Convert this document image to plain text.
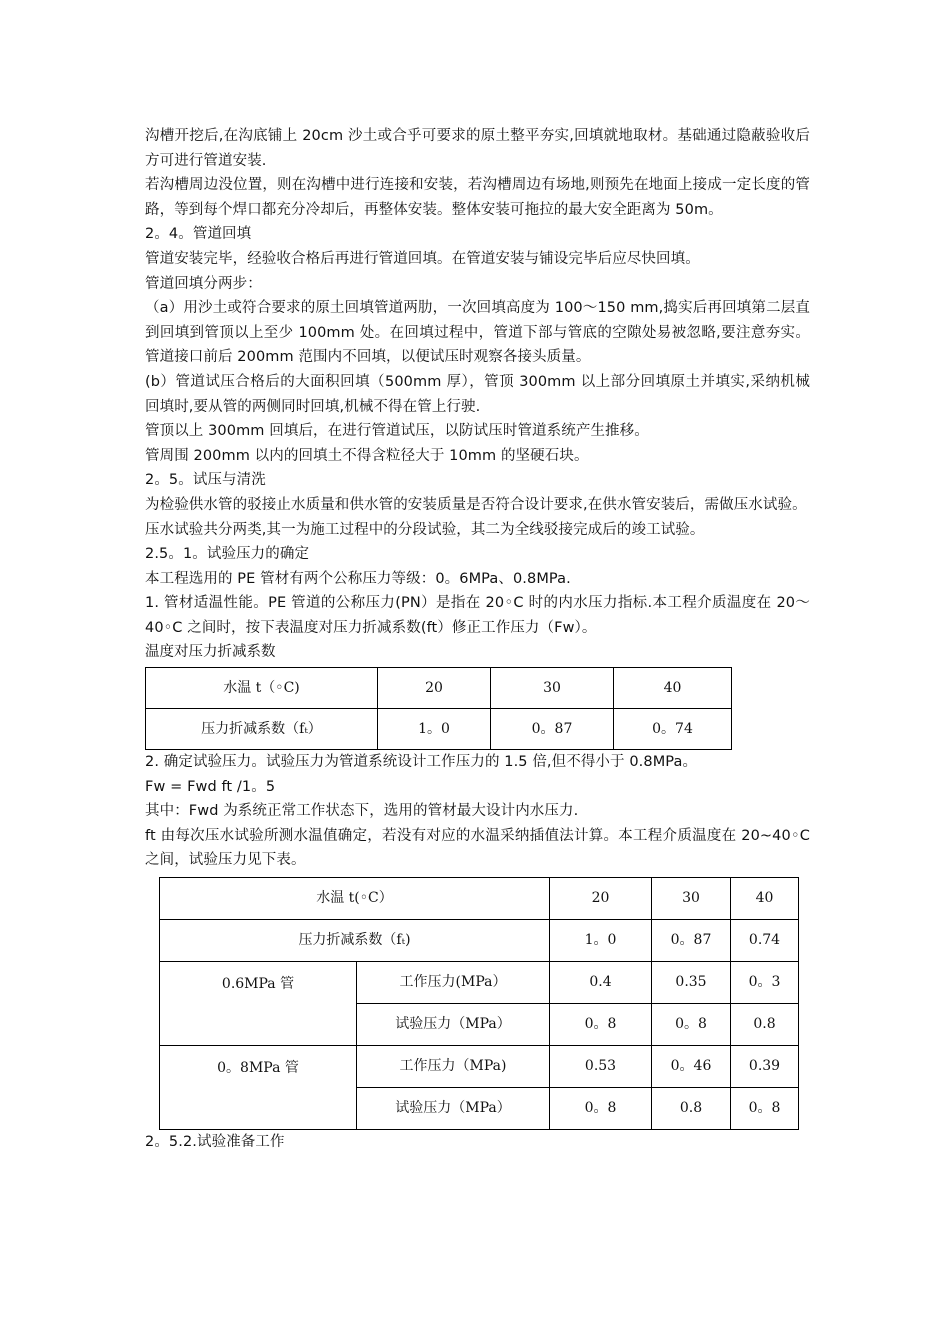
沟槽开挖后,在沟底铺上 20cm 沙土或合乎可要求的原土整平夯实,回填就地取材。基础通过隐蔽验收后方可进行管道安装.

若沟槽周边没位置，则在沟槽中进行连接和安装，若沟槽周边有场地,则预先在地面上接成一定长度的管路，等到每个焊口都充分冷却后，再整体安装。整体安装可拖拉的最大安全距离为 50m。

2。4。管道回填

管道安装完毕，经验收合格后再进行管道回填。在管道安装与铺设完毕后应尽快回填。

管道回填分两步：

（a）用沙土或符合要求的原土回填管道两肋，一次回填高度为 100～150 mm,捣实后再回填第二层直到回填到管顶以上至少 100mm 处。在回填过程中，管道下部与管底的空隙处易被忽略,要注意夯实。管道接口前后 200mm 范围内不回填，以便试压时观察各接头质量。

(b）管道试压合格后的大面积回填（500mm 厚），管顶 300mm 以上部分回填原土并填实,采纳机械回填时,要从管的两侧同时回填,机械不得在管上行驶.

管顶以上 300mm 回填后，在进行管道试压，以防试压时管道系统产生推移。

管周围 200mm 以内的回填土不得含粒径大于 10mm 的坚硬石块。

2。5。试压与清洗

为检验供水管的驳接止水质量和供水管的安装质量是否符合设计要求,在供水管安装后，需做压水试验。

压水试验共分两类,其一为施工过程中的分段试验，其二为全线驳接完成后的竣工试验。

2.5。1。试验压力的确定

本工程选用的 PE 管材有两个公称压力等级：0。6MPa、0.8MPa.

1. 管材适温性能。PE 管道的公称压力(PN）是指在 20◦C 时的内水压力指标.本工程介质温度在 20～40◦C 之间时，按下表温度对压力折减系数(ft）修正工作压力（Fw）。

温度对压力折减系数

水温 t（◦C)	20	30	40
压力折减系数（fₜ）	1。0	0。87	0。74

2. 确定试验压力。试验压力为管道系统设计工作压力的 1.5 倍,但不得小于 0.8MPa。

Fw = Fwd ft /1。5

其中：Fwd 为系统正常工作状态下，选用的管材最大设计内水压力.

ft 由每次压水试验所测水温值确定，若没有对应的水温采纳插值法计算。本工程介质温度在 20~40◦C 之间，试验压力见下表。

水温 t(◦C）		20	30	40
压力折减系数（fₜ)		1。0	0。87	0.74
0.6MPa 管	工作压力(MPa）	0.4	0.35	0。3
	试验压力（MPa）	0。8	0。8	0.8
0。8MPa 管	工作压力（MPa)	0.53	0。46	0.39
	试验压力（MPa）	0。8	0.8	0。8

2。5.2.试验准备工作
